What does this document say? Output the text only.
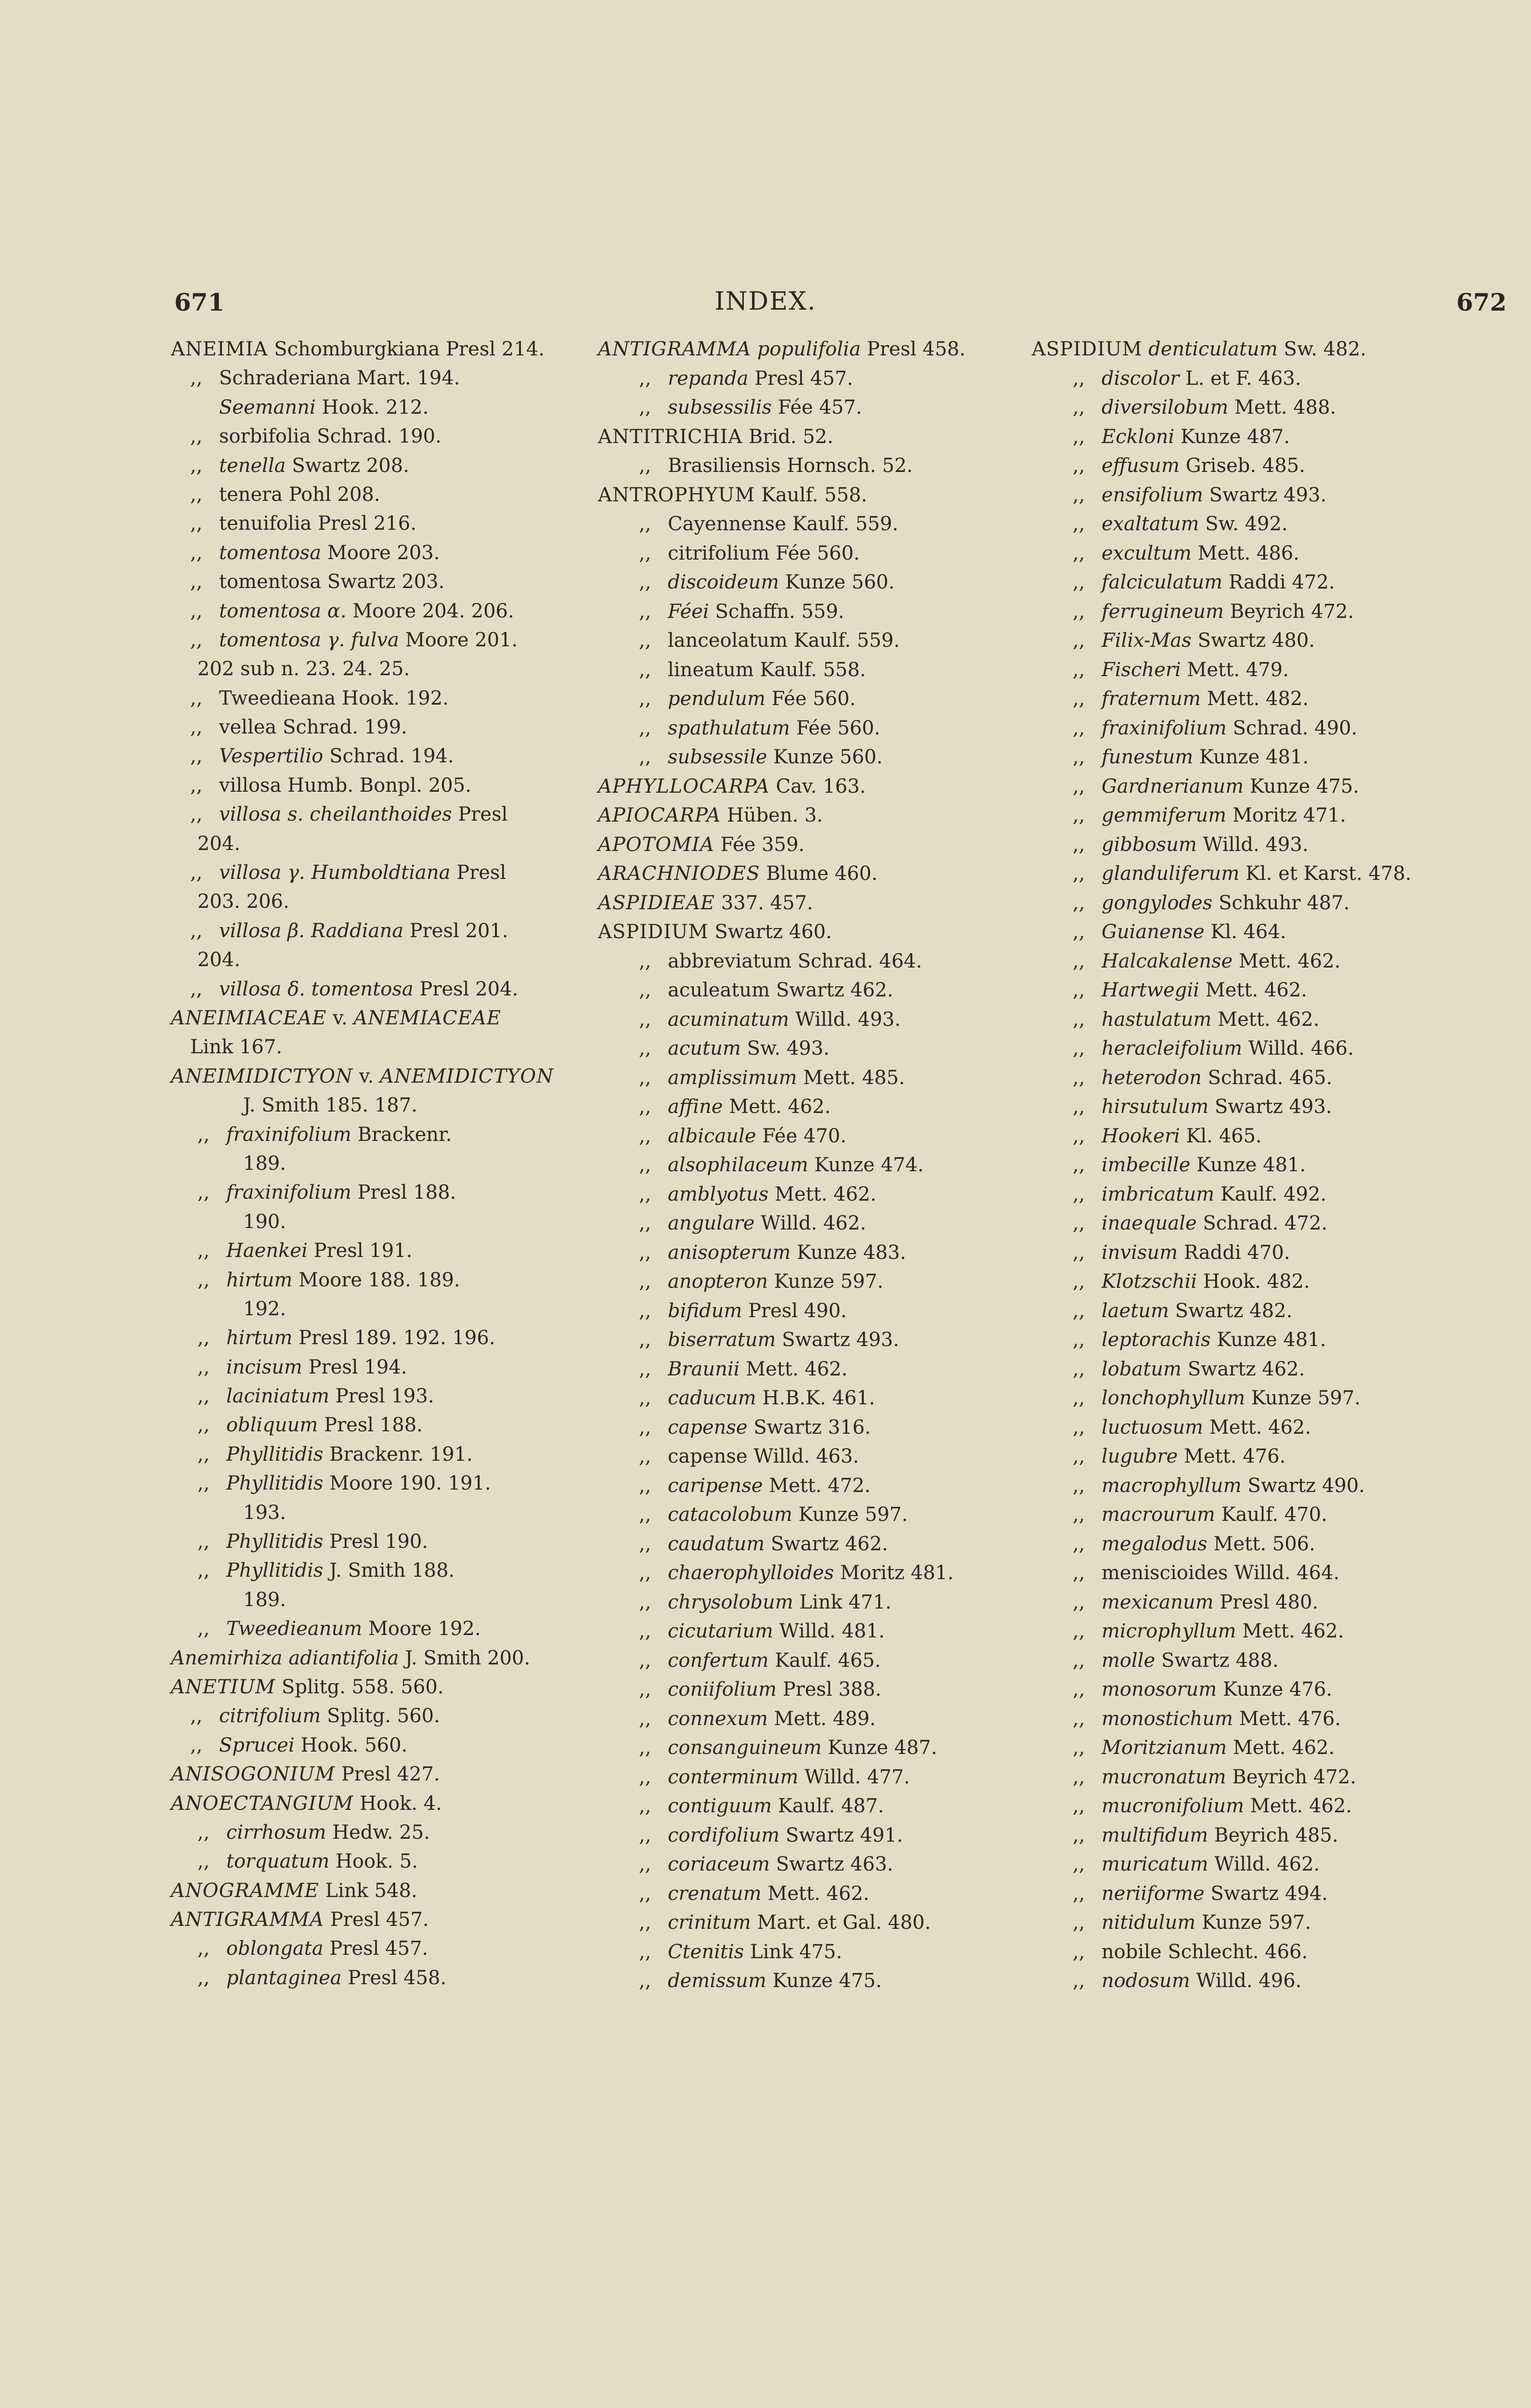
671	INDEX.	672
ANEIMIA Schomburgkiana Presl 214.
,, Schraderiana Mart. 194.
Seemanni Hook. 212.
,, sorbifolia Schrad. 190.
,, tenella Swartz 208.
,, tenera Pohl 208.
,, tenuifolia Presl 216.
,, tomentosa Moore 203.
,, tomentosa Swartz 203.
,, tomentosa α. Moore 204. 206.
,, tomentosa γ. fulva Moore 201.
202 sub n. 23. 24. 25.
,, Tweedieana Hook. 192.
,, vellea Schrad. 199.
,, Vespertilio Schrad. 194.
,, villosa Humb. Bonpl. 205.
,, villosa s. cheilanthoides Presl
204.
,, villosa γ. Humboldtiana Presl
203. 206.
,, villosa β. Raddiana Presl 201.
204.
,, villosa δ. tomentosa Presl 204.
ANEIMIACEAE v. ANEMIACEAE
Link 167.
ANEIMIDICTYON v. ANEMIDICTYON
J. Smith 185. 187.
,, fraxinifolium Brackenr.
189.
,, fraxinifolium Presl 188.
190.
,, Haenkei Presl 191.
,, hirtum Moore 188. 189.
192.
,, hirtum Presl 189. 192. 196.
,, incisum Presl 194.
,, laciniatum Presl 193.
,, obliquum Presl 188.
,, Phyllitidis Brackenr. 191.
,, Phyllitidis Moore 190. 191.
193.
,, Phyllitidis Presl 190.
,, Phyllitidis J. Smith 188.
189.
,, Tweedieanum Moore 192.
Anemirhiza adiantifolia J. Smith 200.
ANETIUM Splitg. 558. 560.
,, citrifolium Splitg. 560.
,, Sprucei Hook. 560.
ANISOGONIUM Presl 427.
ANOECTANGIUM Hook. 4.
,, cirrhosum Hedw. 25.
,, torquatum Hook. 5.
ANOGRAMME Link 548.
ANTIGRAMMA Presl 457.
,, oblongata Presl 457.
,, plantaginea Presl 458.
ANTIGRAMMA populifolia Presl 458.
,, repanda Presl 457.
,, subsessilis Fée 457.
ANTITRICHIA Brid. 52.
,, Brasiliensis Hornsch. 52.
ANTROPHYUM Kaulf. 558.
,, Cayennense Kaulf. 559.
,, citrifolium Fée 560.
,, discoideum Kunze 560.
,, Féei Schaffn. 559.
,, lanceolatum Kaulf. 559.
,, lineatum Kaulf. 558.
,, pendulum Fée 560.
,, spathulatum Fée 560.
,, subsessile Kunze 560.
APHYLLOCARPA Cav. 163.
APIOCARPA Hüben. 3.
APOTOMIA Fée 359.
ARACHNIODES Blume 460.
ASPIDIEAE 337. 457.
ASPIDIUM Swartz 460.
,, abbreviatum Schrad. 464.
,, aculeatum Swartz 462.
,, acuminatum Willd. 493.
,, acutum Sw. 493.
,, amplissimum Mett. 485.
,, affine Mett. 462.
,, albicaule Fée 470.
,, alsophilaceum Kunze 474.
,, amblyotus Mett. 462.
,, angulare Willd. 462.
,, anisopterum Kunze 483.
,, anopteron Kunze 597.
,, bifidum Presl 490.
,, biserratum Swartz 493.
,, Braunii Mett. 462.
,, caducum H.B.K. 461.
,, capense Swartz 316.
,, capense Willd. 463.
,, caripense Mett. 472.
,, catacolobum Kunze 597.
,, caudatum Swartz 462.
,, chaerophylloides Moritz 481.
,, chrysolobum Link 471.
,, cicutarium Willd. 481.
,, confertum Kaulf. 465.
,, coniifolium Presl 388.
,, connexum Mett. 489.
,, consanguineum Kunze 487.
,, conterminum Willd. 477.
,, contiguum Kaulf. 487.
,, cordifolium Swartz 491.
,, coriaceum Swartz 463.
,, crenatum Mett. 462.
,, crinitum Mart. et Gal. 480.
,, Ctenitis Link 475.
,, demissum Kunze 475.
ASPIDIUM denticulatum Sw. 482.
,, discolor L. et F. 463.
,, diversilobum Mett. 488.
,, Eckloni Kunze 487.
,, effusum Griseb. 485.
,, ensifolium Swartz 493.
,, exaltatum Sw. 492.
,, excultum Mett. 486.
,, falciculatum Raddi 472.
,, ferrugineum Beyrich 472.
,, Filix-Mas Swartz 480.
,, Fischeri Mett. 479.
,, fraternum Mett. 482.
,, fraxinifolium Schrad. 490.
,, funestum Kunze 481.
,, Gardnerianum Kunze 475.
,, gemmiferum Moritz 471.
,, gibbosum Willd. 493.
,, glanduliferum Kl. et Karst. 478.
,, gongylodes Schkuhr 487.
,, Guianense Kl. 464.
,, Halcakalense Mett. 462.
,, Hartwegii Mett. 462.
,, hastulatum Mett. 462.
,, heracleifolium Willd. 466.
,, heterodon Schrad. 465.
,, hirsutulum Swartz 493.
,, Hookeri Kl. 465.
,, imbecille Kunze 481.
,, imbricatum Kaulf. 492.
,, inaequale Schrad. 472.
,, invisum Raddi 470.
,, Klotzschii Hook. 482.
,, laetum Swartz 482.
,, leptorachis Kunze 481.
,, lobatum Swartz 462.
,, lonchophyllum Kunze 597.
,, luctuosum Mett. 462.
,, lugubre Mett. 476.
,, macrophyllum Swartz 490.
,, macrourum Kaulf. 470.
,, megalodus Mett. 506.
,, meniscioides Willd. 464.
,, mexicanum Presl 480.
,, microphyllum Mett. 462.
,, molle Swartz 488.
,, monosorum Kunze 476.
,, monostichum Mett. 476.
,, Moritzianum Mett. 462.
,, mucronatum Beyrich 472.
,, mucronifolium Mett. 462.
,, multifidum Beyrich 485.
,, muricatum Willd. 462.
,, neriiforme Swartz 494.
,, nitidulum Kunze 597.
,, nobile Schlecht. 466.
,, nodosum Willd. 496.
